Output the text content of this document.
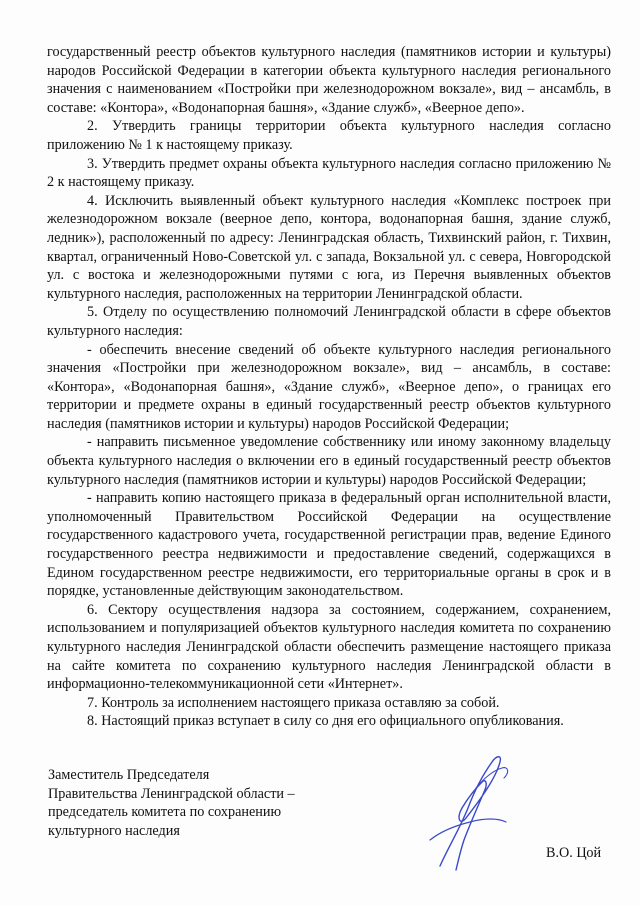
государственный реестр объектов культурного наследия (памятников истории и культуры) народов Российской Федерации в категории объекта культурного наследия регионального значения с наименованием «Постройки при железнодорожном вокзале», вид – ансамбль, в составе: «Контора», «Водонапорная башня», «Здание служб», «Веерное депо».

2. Утвердить границы территории объекта культурного наследия согласно приложению № 1 к настоящему приказу.

3. Утвердить предмет охраны объекта культурного наследия согласно приложению № 2 к настоящему приказу.

4. Исключить выявленный объект культурного наследия «Комплекс построек при железнодорожном вокзале (веерное депо, контора, водонапорная башня, здание служб, ледник»), расположенный по адресу: Ленинградская область, Тихвинский район, г. Тихвин, квартал, ограниченный Ново-Советской ул. с запада, Вокзальной ул. с севера, Новгородской ул. с востока и железнодорожными путями с юга, из Перечня выявленных объектов культурного наследия, расположенных на территории Ленинградской области.

5. Отделу по осуществлению полномочий Ленинградской области в сфере объектов культурного наследия:

- обеспечить внесение сведений об объекте культурного наследия регионального значения «Постройки при железнодорожном вокзале», вид – ансамбль, в составе: «Контора», «Водонапорная башня», «Здание служб», «Веерное депо», о границах его территории и предмете охраны в единый государственный реестр объектов культурного наследия (памятников истории и культуры) народов Российской Федерации;

- направить письменное уведомление собственнику или иному законному владельцу объекта культурного наследия о включении его в единый государственный реестр объектов культурного наследия (памятников истории и культуры) народов Российской Федерации;

- направить копию настоящего приказа в федеральный орган исполнительной власти, уполномоченный Правительством Российской Федерации на осуществление государственного кадастрового учета, государственной регистрации прав, ведение Единого государственного реестра недвижимости и предоставление сведений, содержащихся в Едином государственном реестре недвижимости, его территориальные органы в срок и в порядке, установленные действующим законодательством.

6. Сектору осуществления надзора за состоянием, содержанием, сохранением, использованием и популяризацией объектов культурного наследия комитета по сохранению культурного наследия Ленинградской области обеспечить размещение настоящего приказа на сайте комитета по сохранению культурного наследия Ленинградской области в информационно-телекоммуникационной сети «Интернет».

7. Контроль за исполнением настоящего приказа оставляю за собой.

8. Настоящий приказ вступает в силу со дня его официального опубликования.

Заместитель Председателя
Правительства Ленинградской области –
председатель комитета по сохранению
культурного наследия
В.О. Цой
